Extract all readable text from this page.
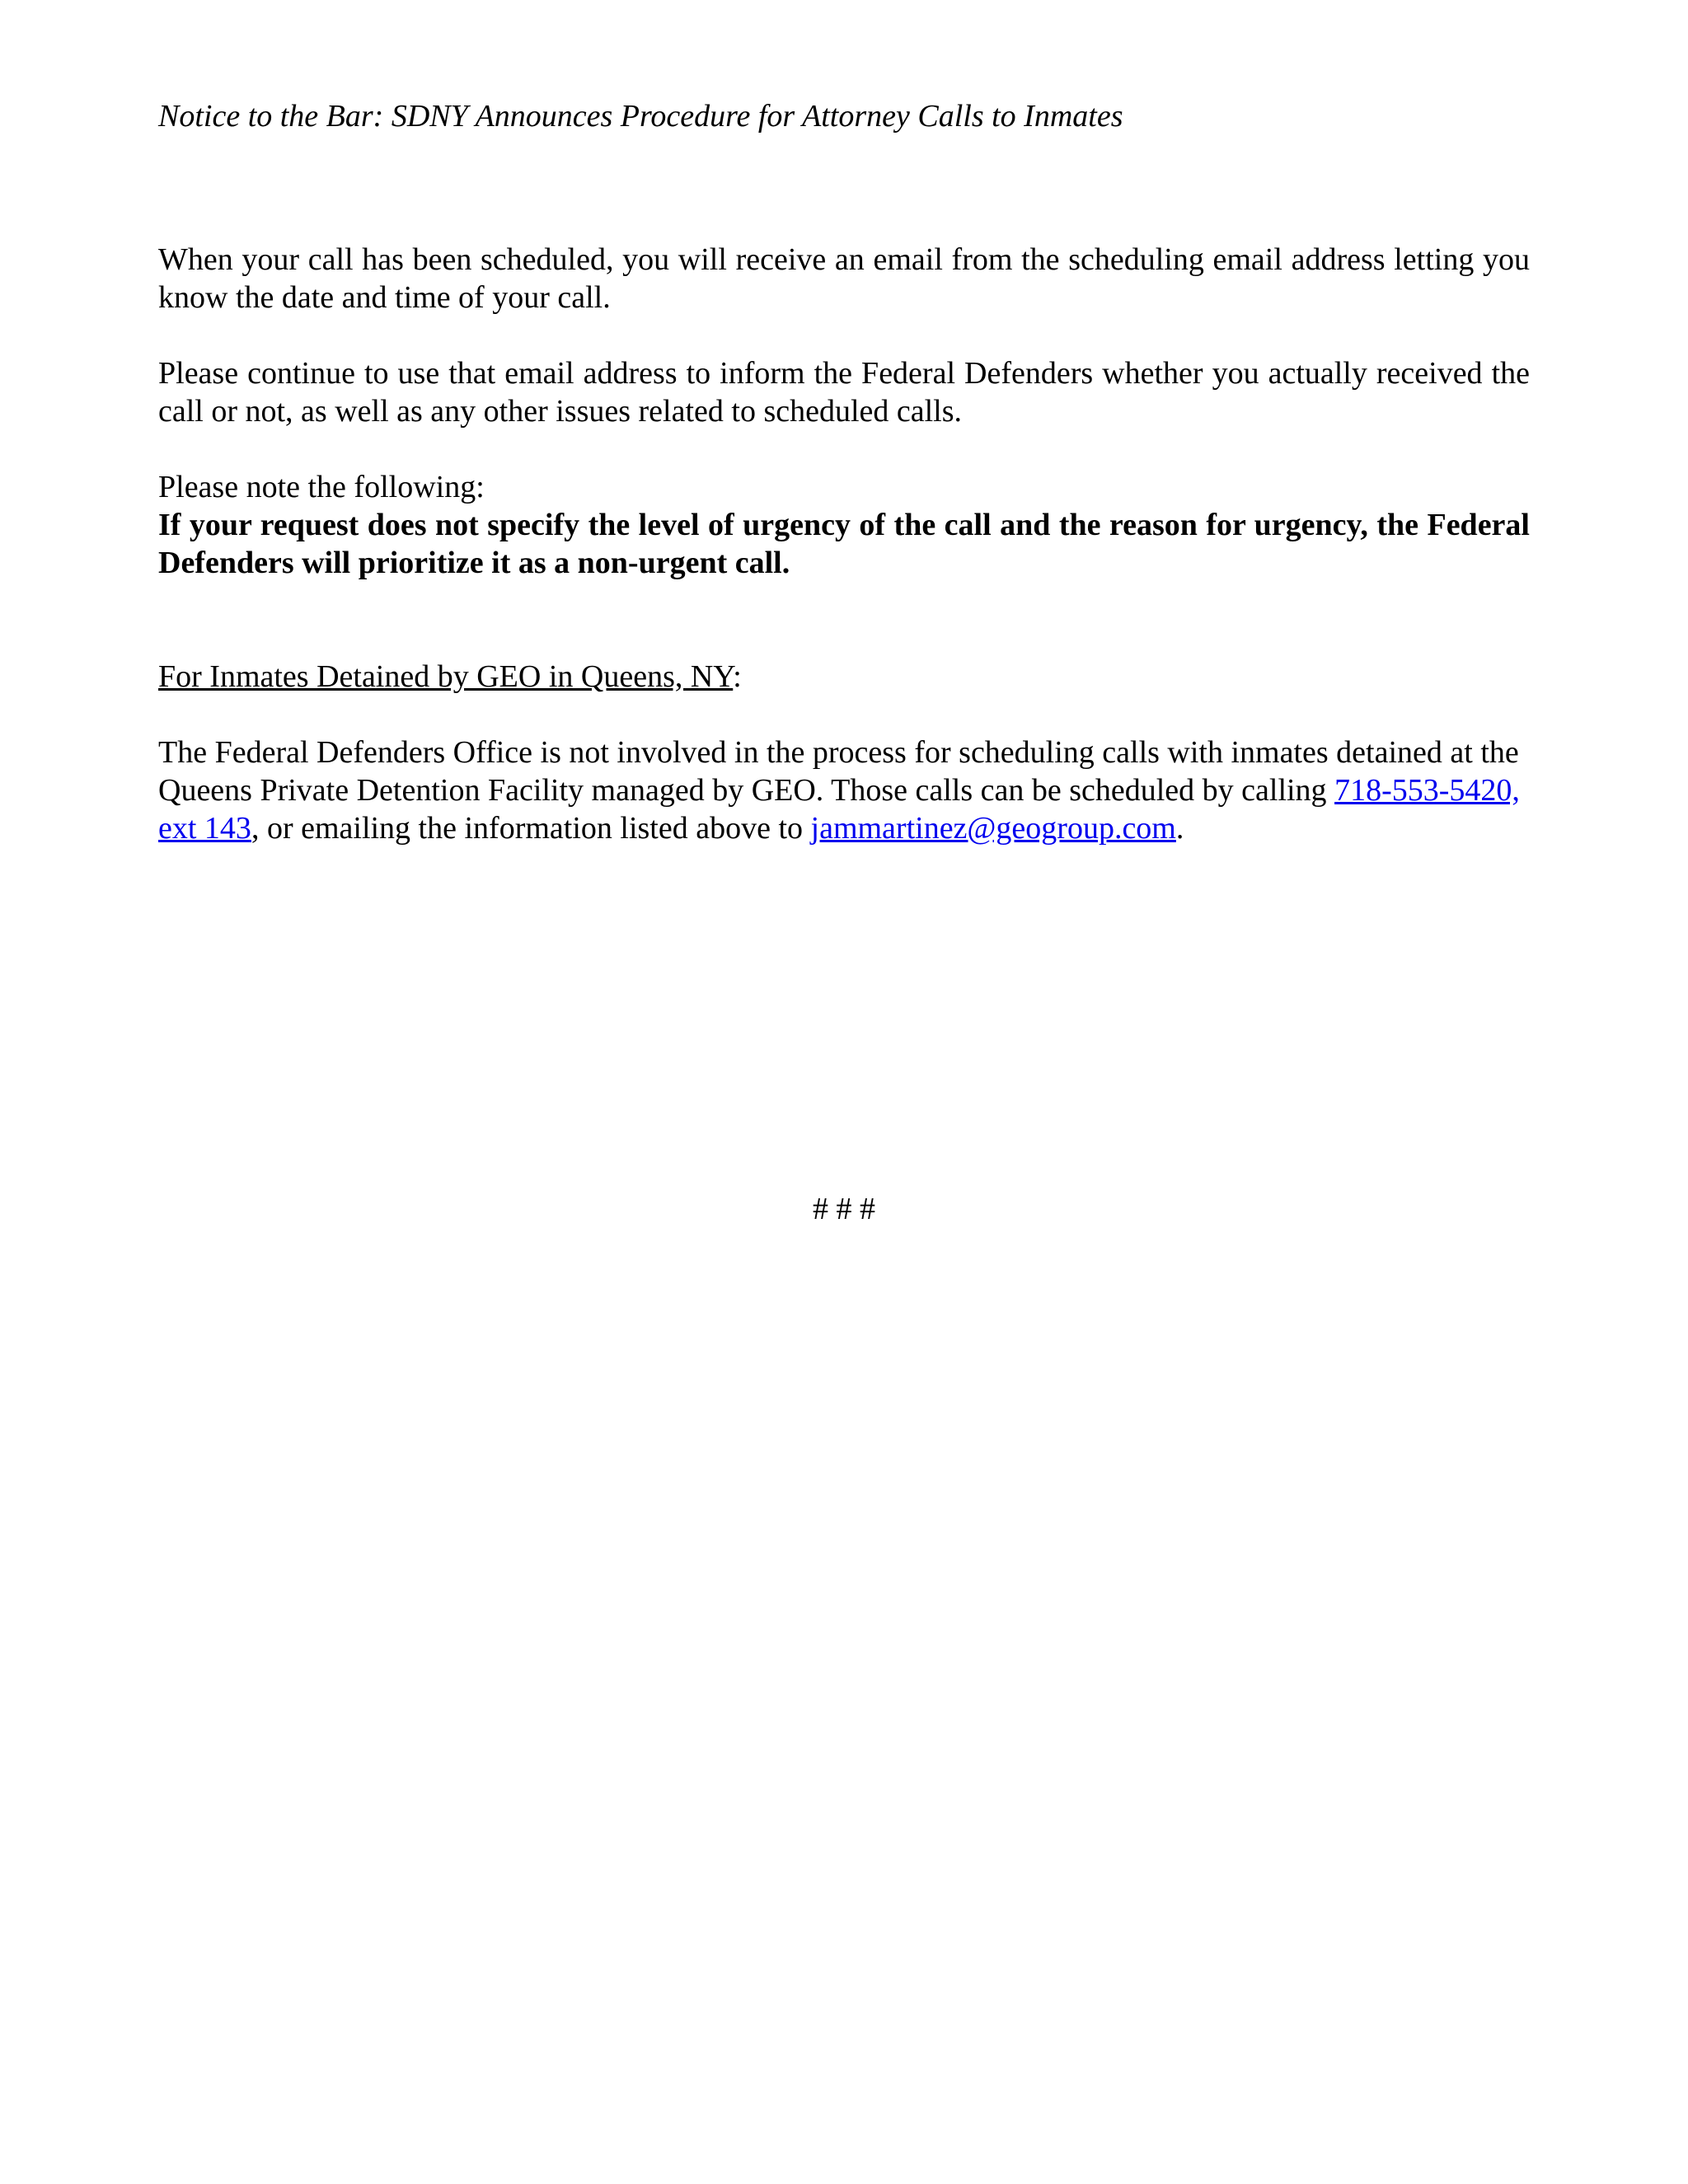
Notice to the Bar: SDNY Announces Procedure for Attorney Calls to Inmates

When your call has been scheduled, you will receive an email from the scheduling email address letting you know the date and time of your call.

Please continue to use that email address to inform the Federal Defenders whether you actually received the call or not, as well as any other issues related to scheduled calls.

Please note the following:
If your request does not specify the level of urgency of the call and the reason for urgency, the Federal Defenders will prioritize it as a non-urgent call.
For Inmates Detained by GEO in Queens, NY:

The Federal Defenders Office is not involved in the process for scheduling calls with inmates detained at the Queens Private Detention Facility managed by GEO. Those calls can be scheduled by calling 718-553-5420, ext 143, or emailing the information listed above to jammartinez@geogroup.com.

# # #
